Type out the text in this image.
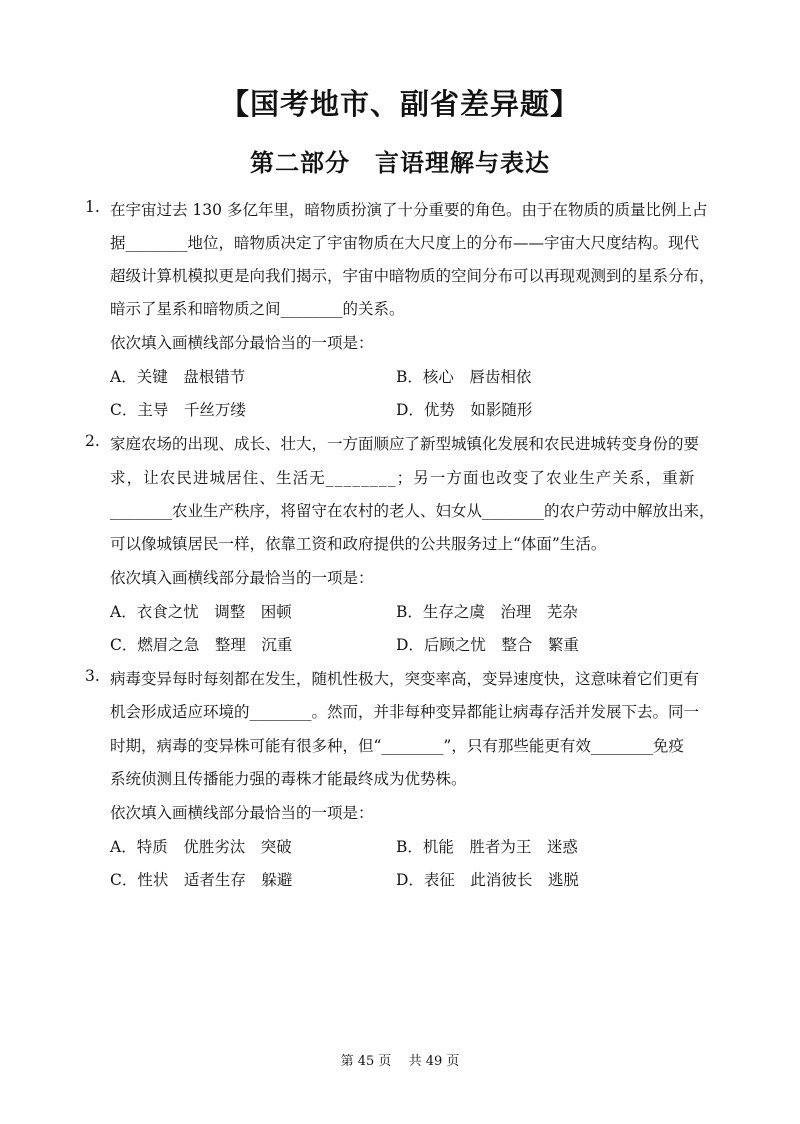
【国考地市、副省差异题】
第二部分　言语理解与表达
1. 在宇宙过去 130 多亿年里，暗物质扮演了十分重要的角色。由于在物质的质量比例上占
据________地位，暗物质决定了宇宙物质在大尺度上的分布——宇宙大尺度结构。现代
超级计算机模拟更是向我们揭示，宇宙中暗物质的空间分布可以再现观测到的星系分布，
暗示了星系和暗物质之间________的关系。
依次填入画横线部分最恰当的一项是：
A．关键　盘根错节	B．核心　唇齿相依
C．主导　千丝万缕	D．优势　如影随形
2. 家庭农场的出现、成长、壮大，一方面顺应了新型城镇化发展和农民进城转变身份的要
求，让农民进城居住、生活无________；另一方面也改变了农业生产关系，重新
________农业生产秩序，将留守在农村的老人、妇女从________的农户劳动中解放出来，
可以像城镇居民一样，依靠工资和政府提供的公共服务过上“体面”生活。
依次填入画横线部分最恰当的一项是：
A．衣食之忧　调整　困顿	B．生存之虞　治理　芜杂
C．燃眉之急　整理　沉重	D．后顾之忧　整合　繁重
3. 病毒变异每时每刻都在发生，随机性极大，突变率高，变异速度快，这意味着它们更有
机会形成适应环境的________。然而，并非每种变异都能让病毒存活并发展下去。同一
时期，病毒的变异株可能有很多种，但“________”，只有那些能更有效________免疫
系统侦测且传播能力强的毒株才能最终成为优势株。
依次填入画横线部分最恰当的一项是：
A．特质　优胜劣汰　突破	B．机能　胜者为王　迷惑
C．性状　适者生存　躲避	D．表征　此消彼长　逃脱
第 45 页　 共 49 页
